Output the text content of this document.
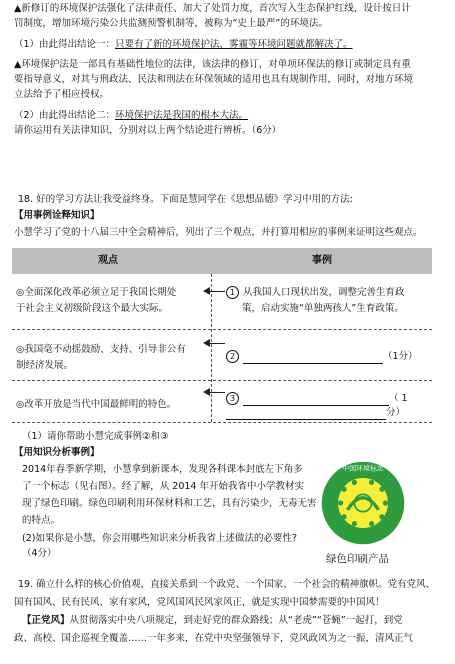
▲新修订的环境保护法强化了法律责任、加大了处罚力度，首次写入生态保护红线，设计按日计
罚制度，增加环境污染公共监测预警机制等，被称为“史上最严”的环境法。
（1）由此得出结论一：只要有了新的环境保护法，雾霾等环境问题就都解决了。
▲环境保护法是一部具有基础性地位的法律，该法律的修订，对单项环保法的修订或制定具有重
要指导意义，对其与刑政法、民法和刑法在环保领域的适用也具有规制作用，同时，对地方环境
立法给予了相应授权。
（2）由此得出结论二：环境保护法是我国的根本大法。
请你运用有关法律知识，分别对以上两个结论进行辨析。（6分）
18. 好的学习方法让我受益终身。下面是慧同学在《思想品德》学习中用的方法:
【用事例诠释知识】
小慧学习了党的十八届三中全会精神后，列出了三个观点，并打算用相应的事例来证明这些观点。
观点	事例
◎全面深化改革必须立足于我国长期处
于社会主义初级阶段这个最大实际。
1 从我国人口现状出发，调整完善生育政
策，启动实施“单独两孩人”生育政策。
◎我国毫不动摇鼓励、支持、引导非公有
制经济发展。
2	（1分）
◎改革开放是当代中国最鲜明的特色。
3	（ 1
分）
（1）请你帮助小慧完成事例②和③
【用知识分析事例】
2014年春季新学期，小慧拿到新课本，发现各科课本封底左下角多
了一个标志（见右图）。经了解，从 2014 年开始我省中小学教材实
现了绿色印刷。绿色印刷利用环保材料和工艺，具有污染少，无毒无害
的特点。
(2)如果你是小慧，你会用哪些知识来分析我省上述做法的必要性?
（4分）
中国环境标志
绿色印刷产品
19. 确立什么样的核心价值观，直接关系到一个政党、一个国家、一个社会的精神旗帜。党有党风、
国有国风、民有民风、家有家风，党风国风民风家风正，就是实现中国梦需要的中国风！
【正党风】从贯彻落实中央八项规定，到走好党的群众路线；从“老虎”“苍蝇”一起打，到党
政、高校、国企巡视全覆盖……一年多来，在党中央坚强领导下，党风政风为之一振，清风正气
